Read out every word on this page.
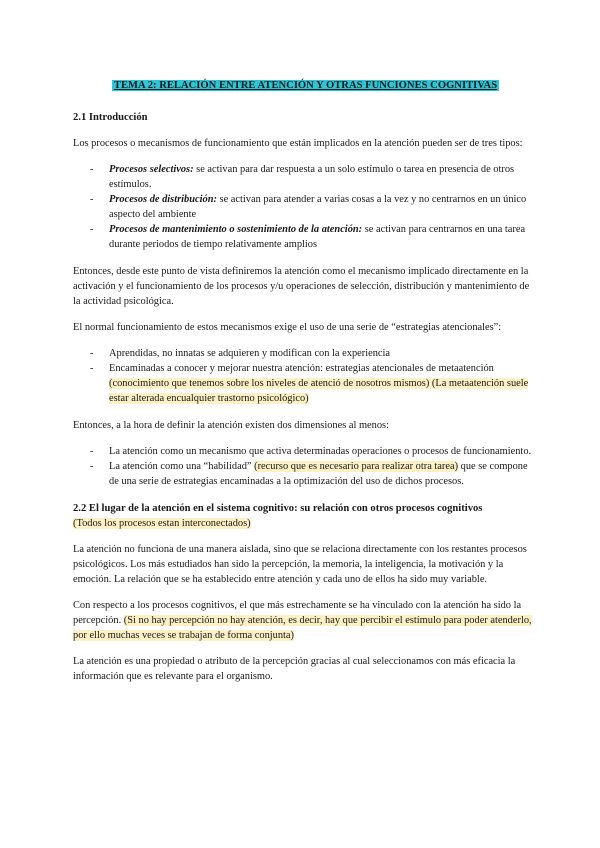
TEMA 2: RELACIÓN ENTRE ATENCIÓN Y OTRAS FUNCIONES COGNITIVAS
2.1 Introducción

Los procesos o mecanismos de funcionamiento que están implicados en la atención pueden ser de tres tipos:

- Procesos selectivos: se activan para dar respuesta a un solo estímulo o tarea en presencia de otros estímulos.
- Procesos de distribución: se activan para atender a varias cosas a la vez y no centrarnos en un único aspecto del ambiente
- Procesos de mantenimiento o sostenimiento de la atención: se activan para centrarnos en una tarea durante periodos de tiempo relativamente amplios

Entonces, desde este punto de vista definiremos la atención como el mecanismo implicado directamente en la activación y el funcionamiento de los procesos y/u operaciones de selección, distribución y mantenimiento de la actividad psicológica.

El normal funcionamiento de estos mecanismos exige el uso de una serie de “estrategias atencionales”:

- Aprendidas, no innatas se adquieren y modifican con la experiencia
- Encaminadas a conocer y mejorar nuestra atención: estrategias atencionales de metaatención (conocimiento que tenemos sobre los niveles de atenció de nosotros mismos) (La metaatención suele estar alterada encualquier trastorno psicológico)

Entonces, a la hora de definir la atención existen dos dimensiones al menos:

- La atención como un mecanismo que activa determinadas operaciones o procesos de funcionamiento.
- La atención como una “habilidad” (recurso que es necesario para realizar otra tarea) que se compone de una serie de estrategias encaminadas a la optimización del uso de dichos procesos.
2.2 El lugar de la atención en el sistema cognitivo: su relación con otros procesos cognitivos
(Todos los procesos estan interconectados)

La atención no funciona de una manera aislada, sino que se relaciona directamente con los restantes procesos psicológicos. Los más estudiados han sido la percepción, la memoria, la inteligencia, la motivación y la emoción. La relación que se ha establecido entre atención y cada uno de ellos ha sido muy variable.

Con respecto a los procesos cognitivos, el que más estrechamente se ha vinculado con la atención ha sido la percepción. (Si no hay percepción no hay atención, es decir, hay que percibir el estímulo para poder atenderlo, por ello muchas veces se trabajan de forma conjunta)

La atención es una propiedad o atributo de la percepción gracias al cual seleccionamos con más eficacia la información que es relevante para el organismo.
